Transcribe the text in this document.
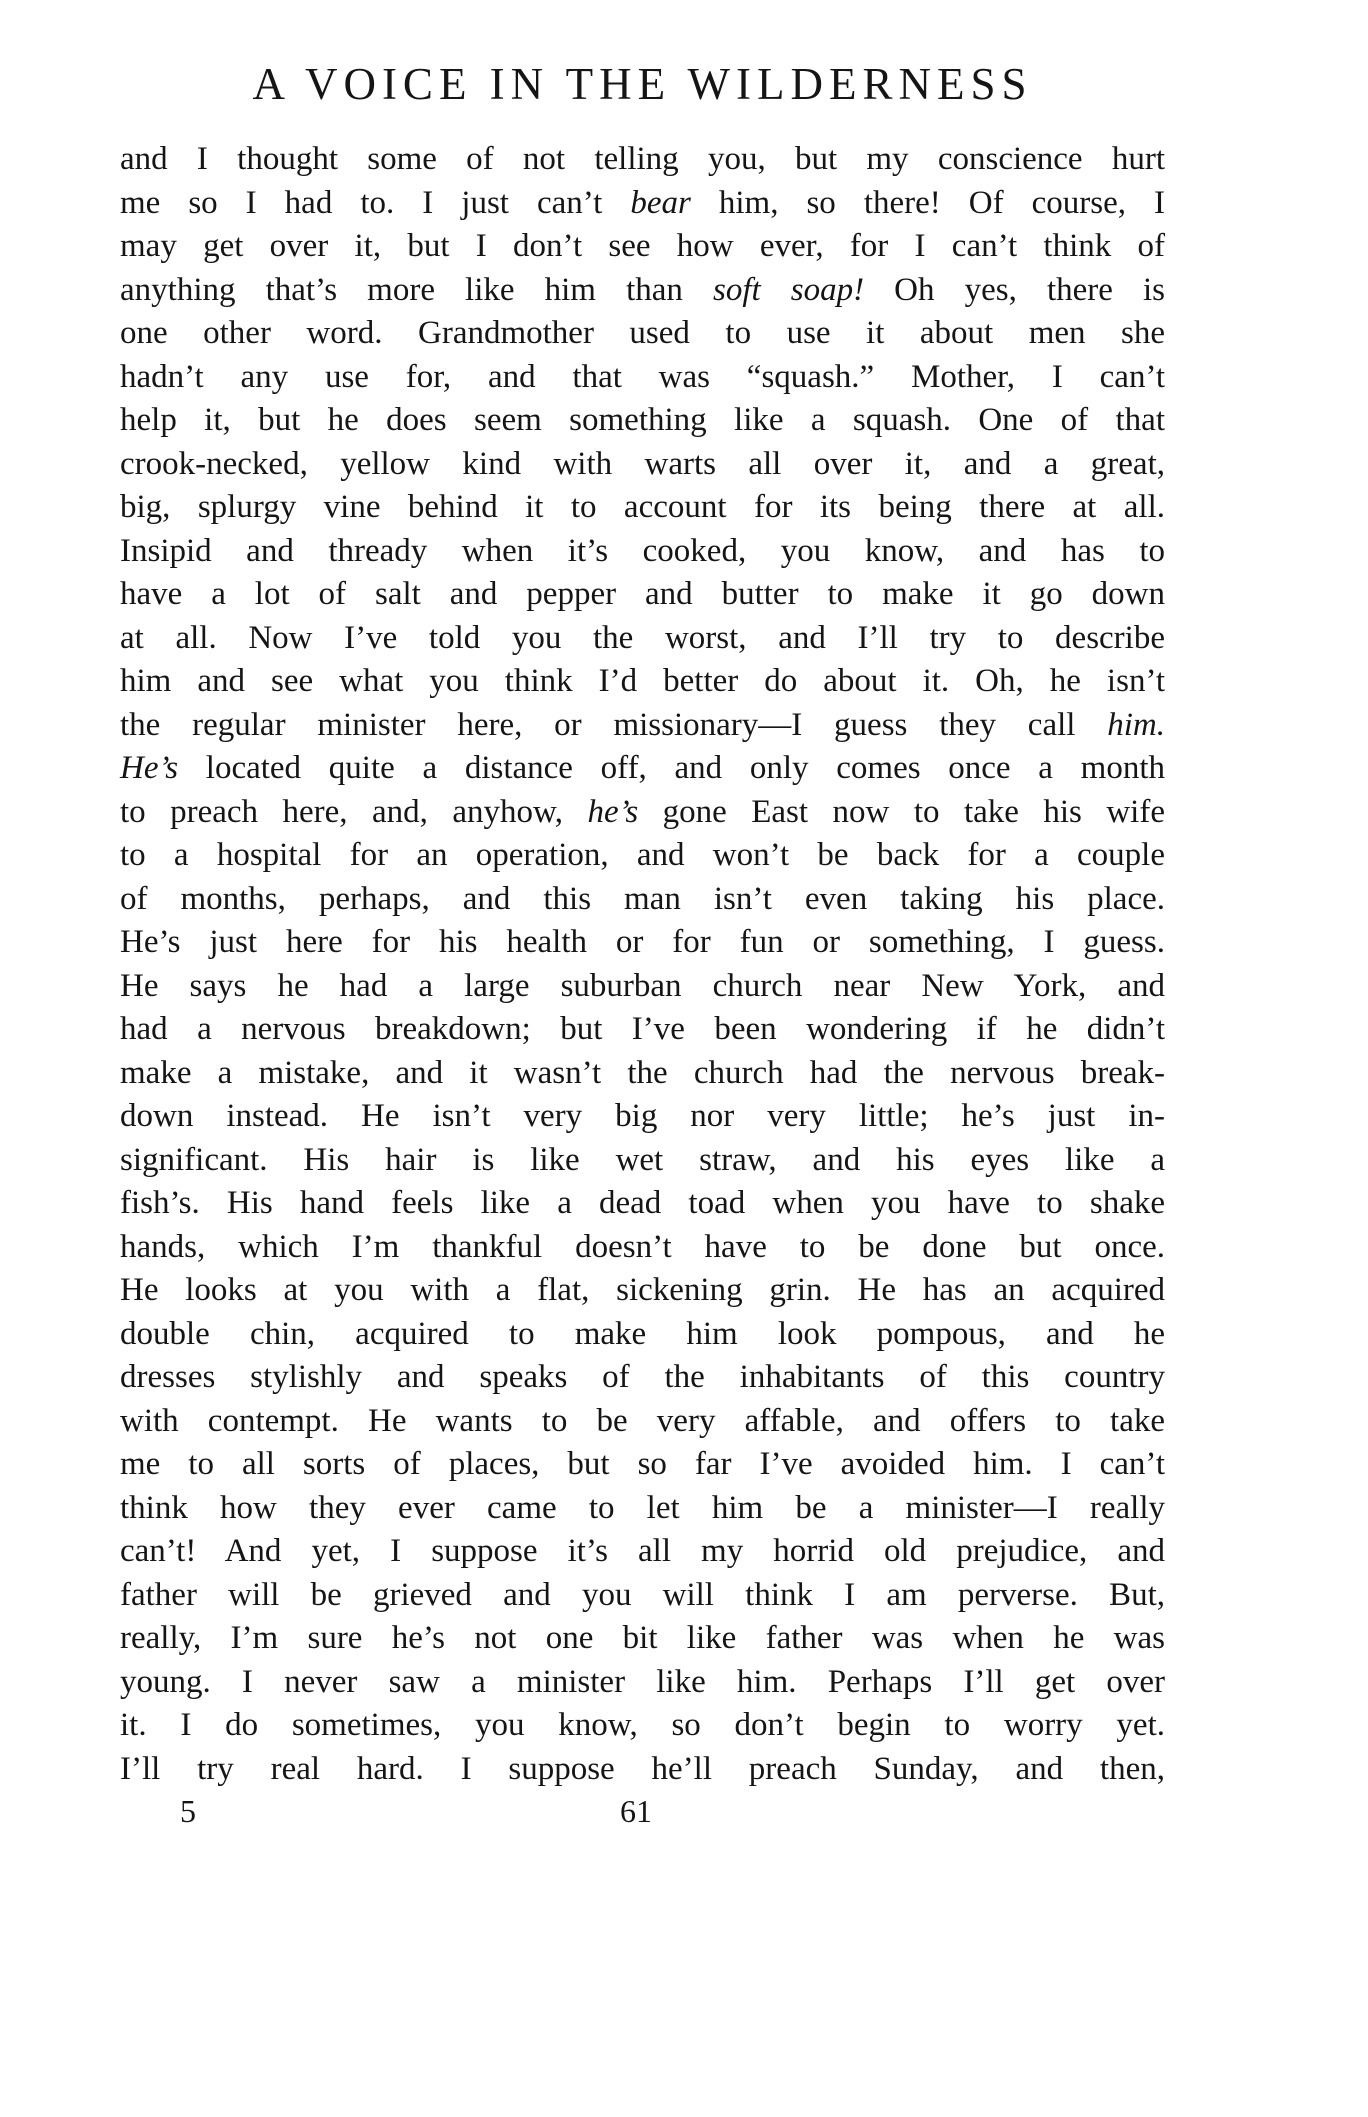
A VOICE IN THE WILDERNESS
and I thought some of not telling you, but my conscience hurt
me so I had to. I just can’t bear him, so there! Of course, I
may get over it, but I don’t see how ever, for I can’t think of
anything that’s more like him than soft soap! Oh yes, there is
one other word. Grandmother used to use it about men she
hadn’t any use for, and that was “squash.” Mother, I can’t
help it, but he does seem something like a squash. One of that
crook-necked, yellow kind with warts all over it, and a great,
big, splurgy vine behind it to account for its being there at all.
Insipid and thready when it’s cooked, you know, and has to
have a lot of salt and pepper and butter to make it go down
at all. Now I’ve told you the worst, and I’ll try to describe
him and see what you think I’d better do about it. Oh, he isn’t
the regular minister here, or missionary—I guess they call him.
He’s located quite a distance off, and only comes once a month
to preach here, and, anyhow, he’s gone East now to take his wife
to a hospital for an operation, and won’t be back for a couple
of months, perhaps, and this man isn’t even taking his place.
He’s just here for his health or for fun or something, I guess.
He says he had a large suburban church near New York, and
had a nervous breakdown; but I’ve been wondering if he didn’t
make a mistake, and it wasn’t the church had the nervous break-
down instead. He isn’t very big nor very little; he’s just in-
significant. His hair is like wet straw, and his eyes like a
fish’s. His hand feels like a dead toad when you have to shake
hands, which I’m thankful doesn’t have to be done but once.
He looks at you with a flat, sickening grin. He has an acquired
double chin, acquired to make him look pompous, and he
dresses stylishly and speaks of the inhabitants of this country
with contempt. He wants to be very affable, and offers to take
me to all sorts of places, but so far I’ve avoided him. I can’t
think how they ever came to let him be a minister—I really
can’t! And yet, I suppose it’s all my horrid old prejudice, and
father will be grieved and you will think I am perverse. But,
really, I’m sure he’s not one bit like father was when he was
young. I never saw a minister like him. Perhaps I’ll get over
it. I do sometimes, you know, so don’t begin to worry yet.
I’ll try real hard. I suppose he’ll preach Sunday, and then,
5	61
